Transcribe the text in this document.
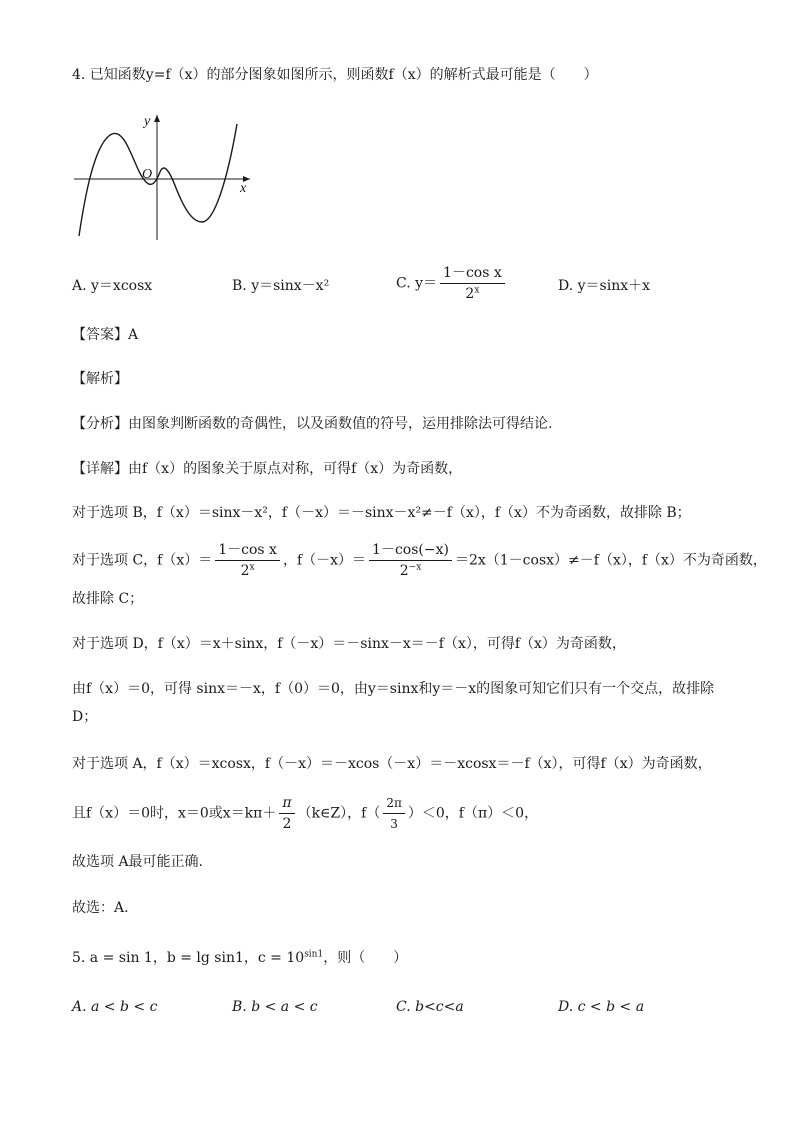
4. 已知函数y=f（x）的部分图象如图所示，则函数f（x）的解析式最可能是（　　）
y
O
x
A. y＝xcosx	B. y＝sinx－x²	C. $y= \frac{\text{1－cos x}}{2^x}$	D. y＝sinx＋x
【答案】A
【解析】
【分析】由图象判断函数的奇偶性，以及函数值的符号，运用排除法可得结论.
【详解】由f（x）的图象关于原点对称，可得f（x）为奇函数，
对于选项 B，f（x）＝sinx－x²，f（－x）＝－sinx－x²≠－f（x），f（x）不为奇函数，故排除 B；
对于选项 C，$f(x)= \frac{\text{1－cos x}}{2^x}$ ，$f(-x)= \frac{1-\cos(-x)}{2^{-x}} =2x(1-\cos x)\ne-f(x)$，f（x）不为奇函数，
故排除 C；
对于选项 D，f（x）＝x＋sinx，f（－x）＝－sinx－x＝－f（x），可得f（x）为奇函数，
由f（x）＝0，可得 sinx＝－x，f（0）＝0，由y＝sinx和y＝－x的图象可知它们只有一个交点，故排除
D；
对于选项 A，f（x）＝xcosx，f（－x）＝－xcos（－x）＝－xcosx＝－f（x），可得f（x）为奇函数，
且f（x）＝0时，x＝0或$x=k\pi+ \frac{\pi}{2}$ （k∈Z），$f( \frac{2\pi}{3} )<0$，f（π）＜0，
故选项 A最可能正确.
故选：A.
5. a = sin 1，b = lg sin1，$c = 10^{sin1}$，则（　　）
A. a < b < c	B. b < a < c	C. b<c<a	D. c < b < a
